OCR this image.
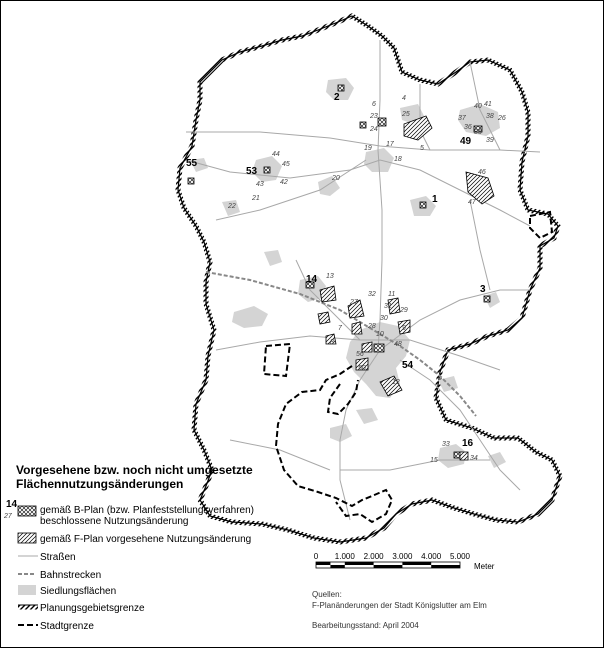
2
55
53
49
1
14
3
54
16
6
4
23
24
25
5
17
19
18
44
45
43 42
20
22
21
40 41
37	38 26
36
39
35
46
47
13
27
32 11
31
28
29
7
30
10
8
9
48
56
50
12
33
15	34
Vorgesehene bzw. noch nicht umgesetzte
Flächennutzungsänderungen
14
27
gemäß B-Plan (bzw. Planfeststellungsverfahren)
beschlossene Nutzungsänderung
gemäß F-Plan vorgesehene Nutzungsänderung
Straßen
Bahnstrecken
Siedlungsflächen
Planungsgebietsgrenze
Stadtgrenze
0 1.000 2.000 3.000 4.000 5.000
Meter
Quellen:
F-Planänderungen der Stadt Königslutter am Elm
Bearbeitungsstand: April 2004
